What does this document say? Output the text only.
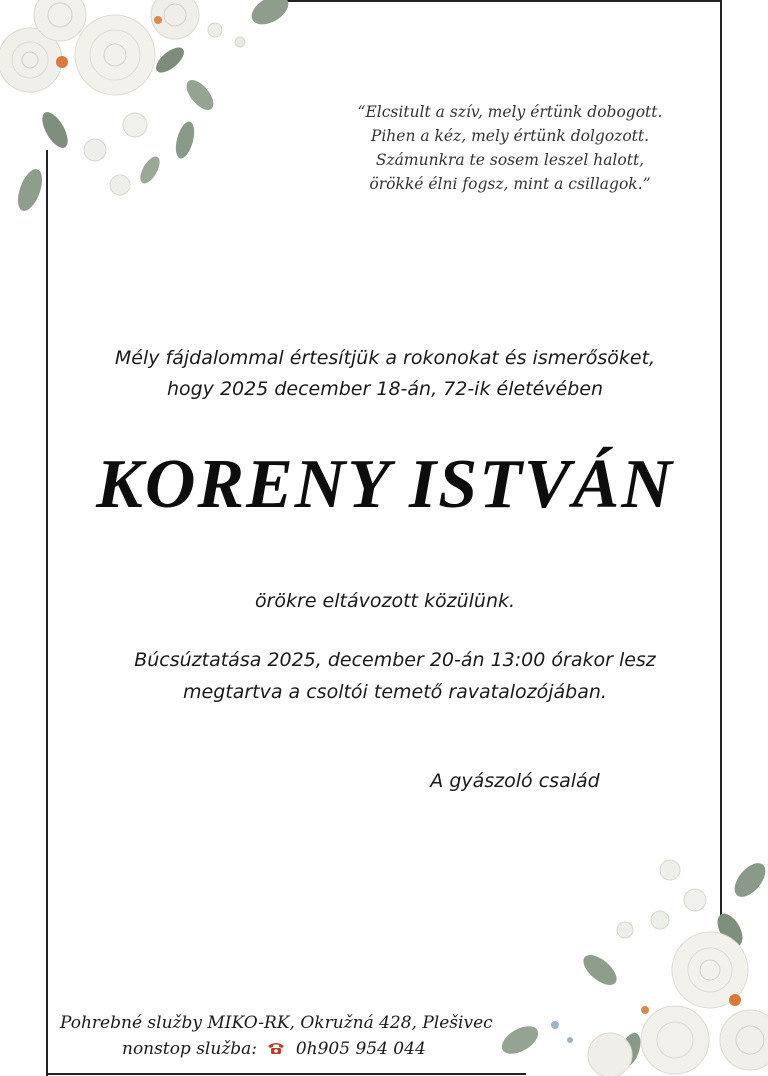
“Elcsitult a szív, mely értünk dobogott.
Pihen a kéz, mely értünk dolgozott.
Számunkra te sosem leszel halott,
örökké élni fogsz, mint a csillagok.”
Mély fájdalommal értesítjük a rokonokat és ismerősöket,
hogy 2025 december 18-án, 72-ik életévében
KORENY ISTVÁN
örökre eltávozott közülünk.
Búcsúztatása 2025, december 20-án 13:00 órakor lesz
megtartva a csoltói temető ravatalozójában.
A gyászoló család
Pohrebné služby MIKO-RK, Okružná 428, Plešivec
nonstop služba: 0h905 954 044
